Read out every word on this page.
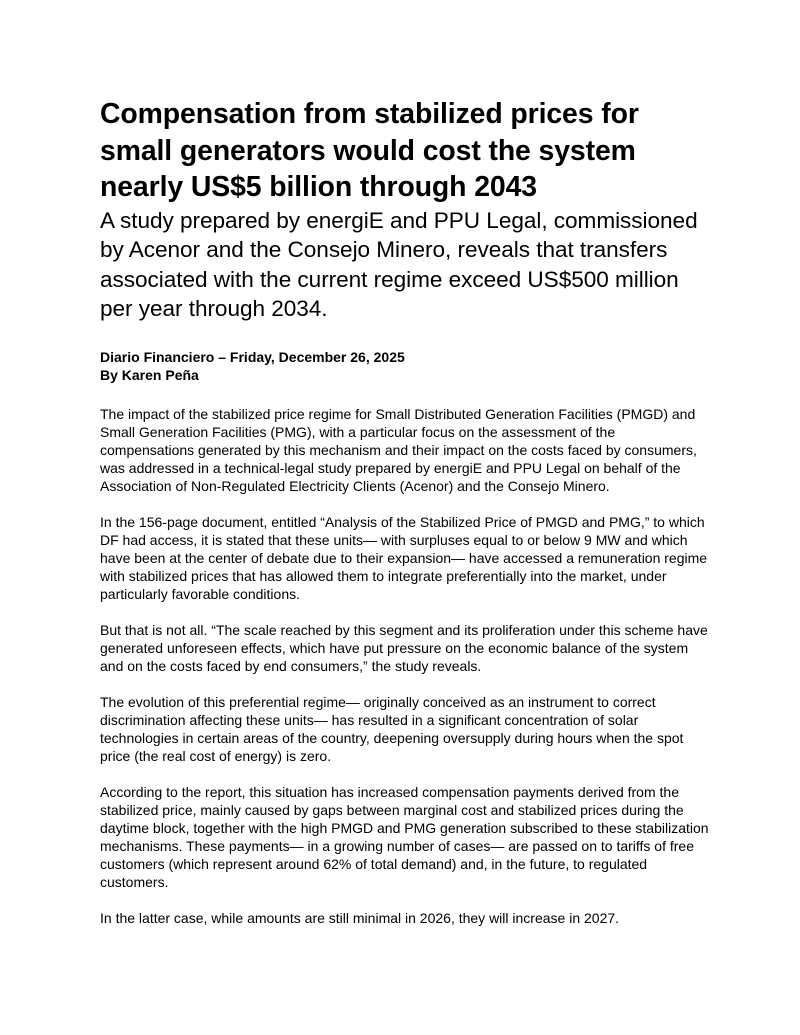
Compensation from stabilized prices for small generators would cost the system nearly US$5 billion through 2043
A study prepared by energiE and PPU Legal, commissioned by Acenor and the Consejo Minero, reveals that transfers associated with the current regime exceed US$500 million per year through 2034.
Diario Financiero – Friday, December 26, 2025
By Karen Peña

The impact of the stabilized price regime for Small Distributed Generation Facilities (PMGD) and Small Generation Facilities (PMG), with a particular focus on the assessment of the compensations generated by this mechanism and their impact on the costs faced by consumers, was addressed in a technical-legal study prepared by energiE and PPU Legal on behalf of the Association of Non-Regulated Electricity Clients (Acenor) and the Consejo Minero.

In the 156-page document, entitled “Analysis of the Stabilized Price of PMGD and PMG,” to which DF had access, it is stated that these units— with surpluses equal to or below 9 MW and which have been at the center of debate due to their expansion— have accessed a remuneration regime with stabilized prices that has allowed them to integrate preferentially into the market, under particularly favorable conditions.

But that is not all. “The scale reached by this segment and its proliferation under this scheme have generated unforeseen effects, which have put pressure on the economic balance of the system and on the costs faced by end consumers,” the study reveals.

The evolution of this preferential regime— originally conceived as an instrument to correct discrimination affecting these units— has resulted in a significant concentration of solar technologies in certain areas of the country, deepening oversupply during hours when the spot price (the real cost of energy) is zero.

According to the report, this situation has increased compensation payments derived from the stabilized price, mainly caused by gaps between marginal cost and stabilized prices during the daytime block, together with the high PMGD and PMG generation subscribed to these stabilization mechanisms. These payments— in a growing number of cases— are passed on to tariffs of free customers (which represent around 62% of total demand) and, in the future, to regulated customers.

In the latter case, while amounts are still minimal in 2026, they will increase in 2027.
